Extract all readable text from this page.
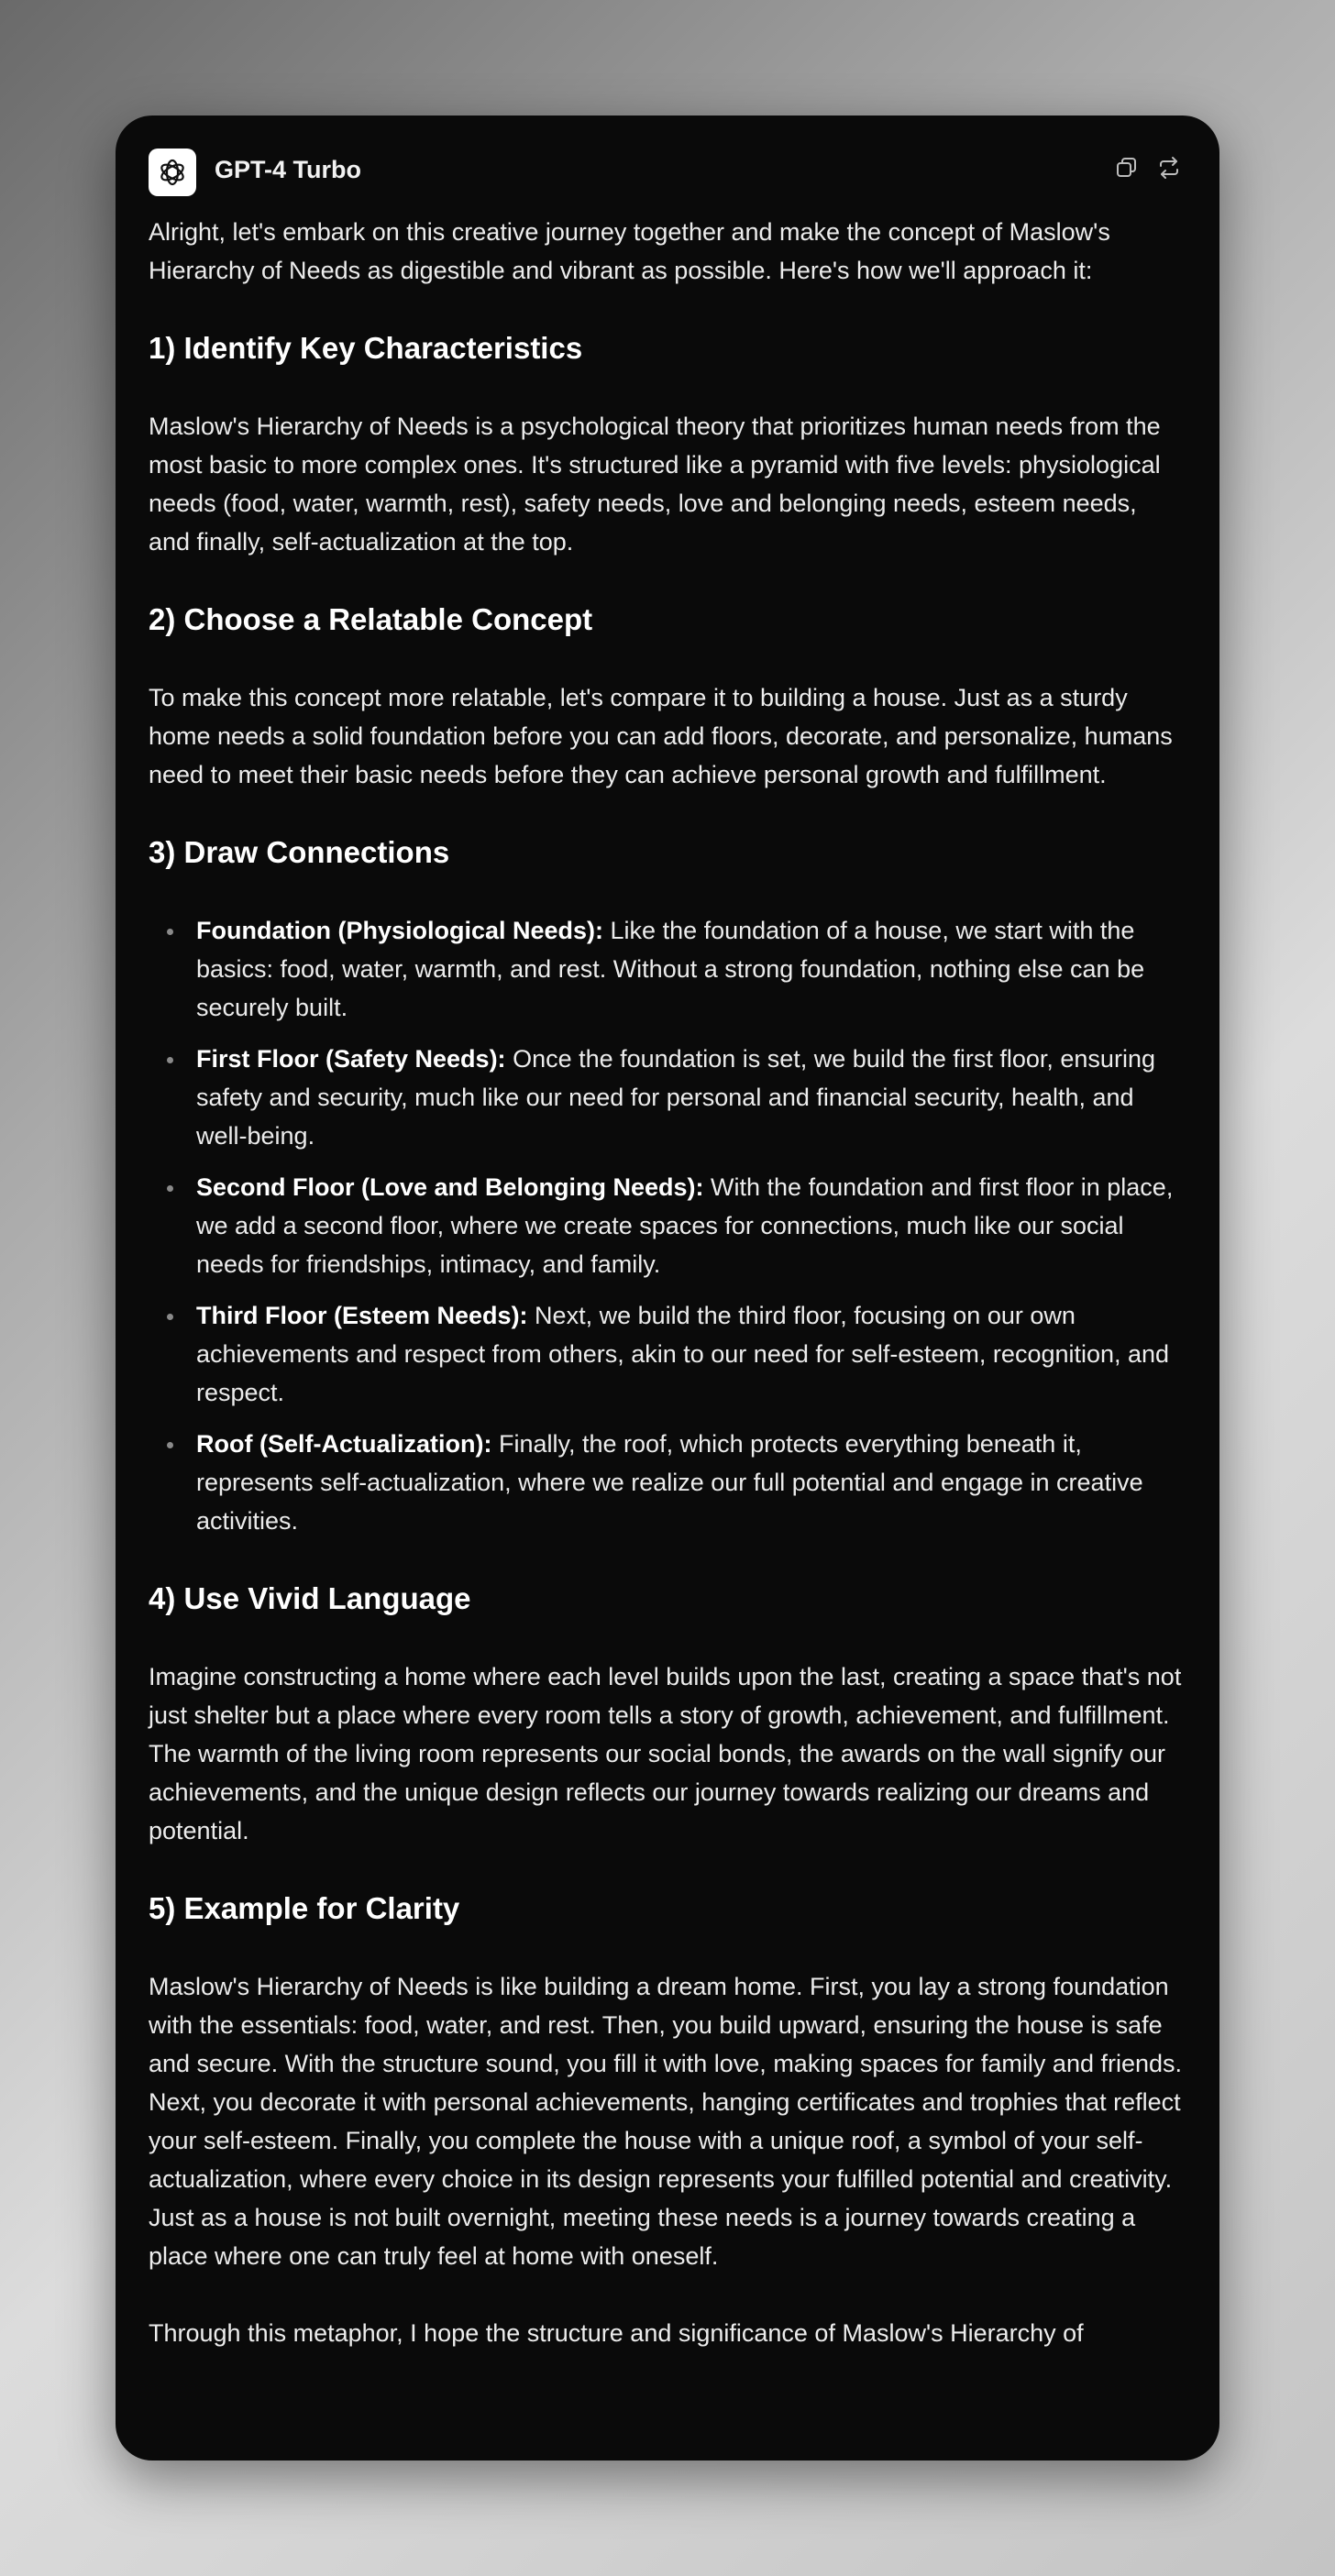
GPT-4 Turbo

Alright, let's embark on this creative journey together and make the concept of Maslow's Hierarchy of Needs as digestible and vibrant as possible. Here's how we'll approach it:

1) Identify Key Characteristics

Maslow's Hierarchy of Needs is a psychological theory that prioritizes human needs from the most basic to more complex ones. It's structured like a pyramid with five levels: physiological needs (food, water, warmth, rest), safety needs, love and belonging needs, esteem needs, and finally, self-actualization at the top.

2) Choose a Relatable Concept

To make this concept more relatable, let's compare it to building a house. Just as a sturdy home needs a solid foundation before you can add floors, decorate, and personalize, humans need to meet their basic needs before they can achieve personal growth and fulfillment.

3) Draw Connections
Foundation (Physiological Needs): Like the foundation of a house, we start with the basics: food, water, warmth, and rest. Without a strong foundation, nothing else can be securely built.
First Floor (Safety Needs): Once the foundation is set, we build the first floor, ensuring safety and security, much like our need for personal and financial security, health, and well-being.
Second Floor (Love and Belonging Needs): With the foundation and first floor in place, we add a second floor, where we create spaces for connections, much like our social needs for friendships, intimacy, and family.
Third Floor (Esteem Needs): Next, we build the third floor, focusing on our own achievements and respect from others, akin to our need for self-esteem, recognition, and respect.
Roof (Self-Actualization): Finally, the roof, which protects everything beneath it, represents self-actualization, where we realize our full potential and engage in creative activities.
4) Use Vivid Language

Imagine constructing a home where each level builds upon the last, creating a space that's not just shelter but a place where every room tells a story of growth, achievement, and fulfillment. The warmth of the living room represents our social bonds, the awards on the wall signify our achievements, and the unique design reflects our journey towards realizing our dreams and potential.

5) Example for Clarity

Maslow's Hierarchy of Needs is like building a dream home. First, you lay a strong foundation with the essentials: food, water, and rest. Then, you build upward, ensuring the house is safe and secure. With the structure sound, you fill it with love, making spaces for family and friends. Next, you decorate it with personal achievements, hanging certificates and trophies that reflect your self-esteem. Finally, you complete the house with a unique roof, a symbol of your self-actualization, where every choice in its design represents your fulfilled potential and creativity. Just as a house is not built overnight, meeting these needs is a journey towards creating a place where one can truly feel at home with oneself.

Through this metaphor, I hope the structure and significance of Maslow's Hierarchy of
